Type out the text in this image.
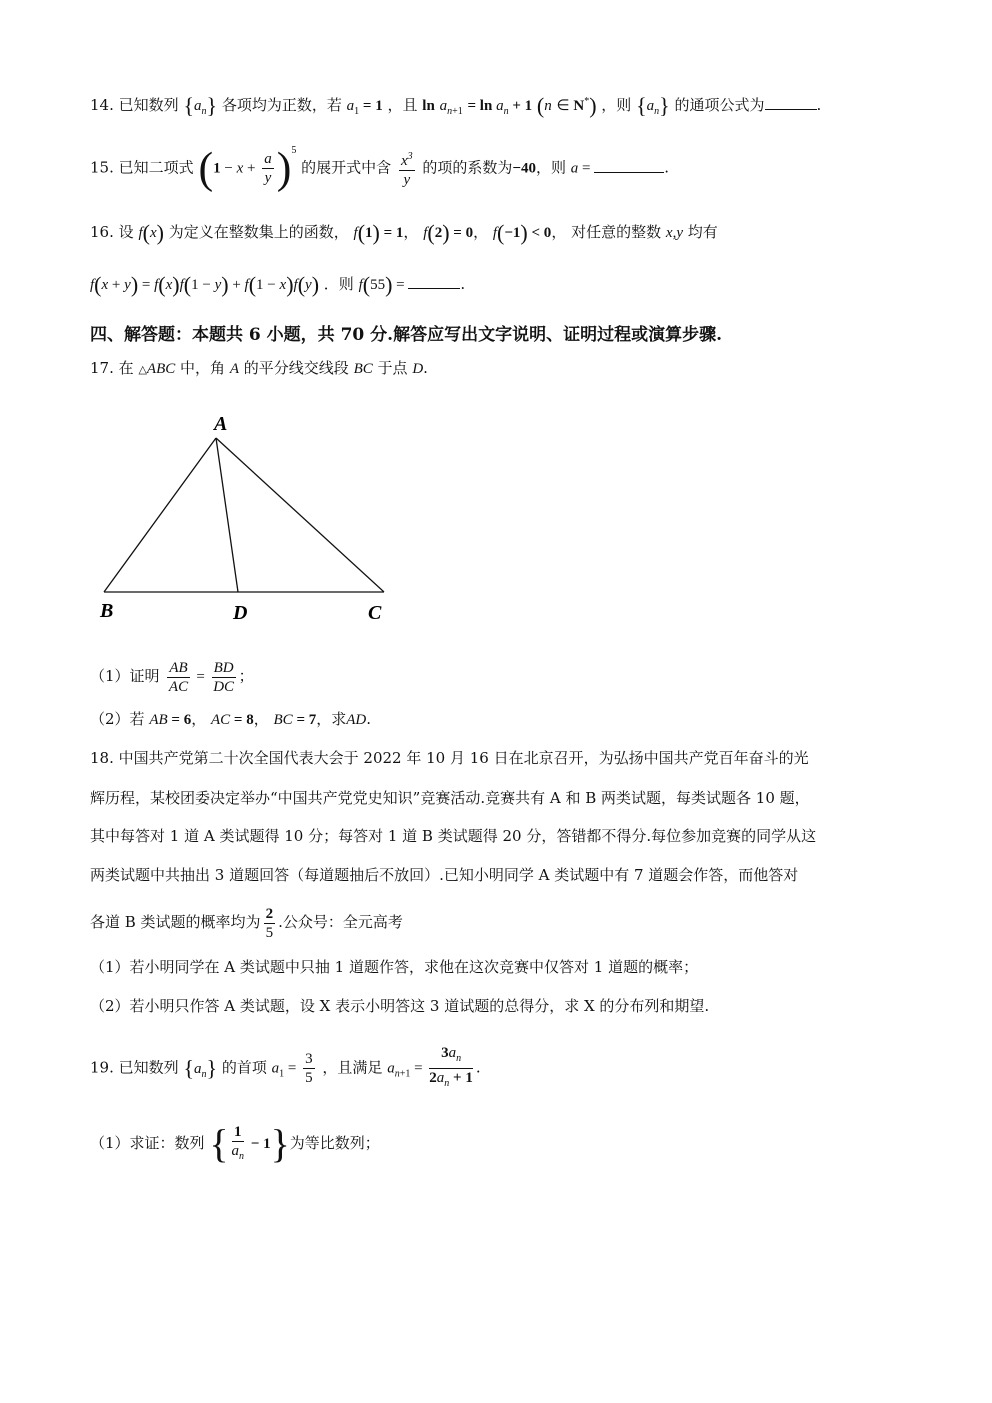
14. 已知数列 $\{a_n\}$ 各项均为正数，若 $a_1 = 1$ ，且 $\ln a_{n+1} = \ln a_n + 1$ (n ∈ N*) ，则 $\{a_n\}$ 的通项公式为	.
15. 已知二项式 $(1 - x + \frac{a}{y} )^5$ 的展开式中含 $\frac{x^3}{y}$ 的项的系数为−40，则 a =	.
16. 设 f(x) 为定义在整数集上的函数， f(1) = 1， f(2) = 0， f(−1) < 0， 对任意的整数 x,y 均有
f(x + y) = f(x)f(1 − y) + f(1 − x)f(y) ．则 f(55) =	.
四、解答题：本题共 6 小题，共 70 分.解答应写出文字说明、证明过程或演算步骤.
17. 在 △ABC 中，角 A 的平分线交线段 BC 于点 D.
A
B	D	C
（1）证明 $\frac{AB}{AC} = \frac{BD}{DC}$ ；
（2）若 AB = 6， AC = 8， BC = 7，求AD.
18. 中国共产党第二十次全国代表大会于 2022 年 10 月 16 日在北京召开，为弘扬中国共产党百年奋斗的光
辉历程，某校团委决定举办“中国共产党党史知识”竞赛活动.竞赛共有 A 和 B 两类试题，每类试题各 10 题，
其中每答对 1 道 A 类试题得 10 分；每答对 1 道 B 类试题得 20 分，答错都不得分.每位参加竞赛的同学从这
两类试题中共抽出 3 道题回答（每道题抽后不放回）.已知小明同学 A 类试题中有 7 道题会作答，而他答对
各道 B 类试题的概率均为 $\frac{2}{5}$ .公众号：全元高考
（1）若小明同学在 A 类试题中只抽 1 道题作答，求他在这次竞赛中仅答对 1 道题的概率；
（2）若小明只作答 A 类试题，设 X 表示小明答这 3 道试题的总得分，求 X 的分布列和期望.
19. 已知数列 $\{a_n\}$ 的首项 $a_1 = \frac{3}{5}$ ，且满足 $a_{n+1} = \frac{3a_n}{2a_n + 1}$ .
（1）求证：数列 { $\frac{1}{a_n} - 1$}为等比数列；
